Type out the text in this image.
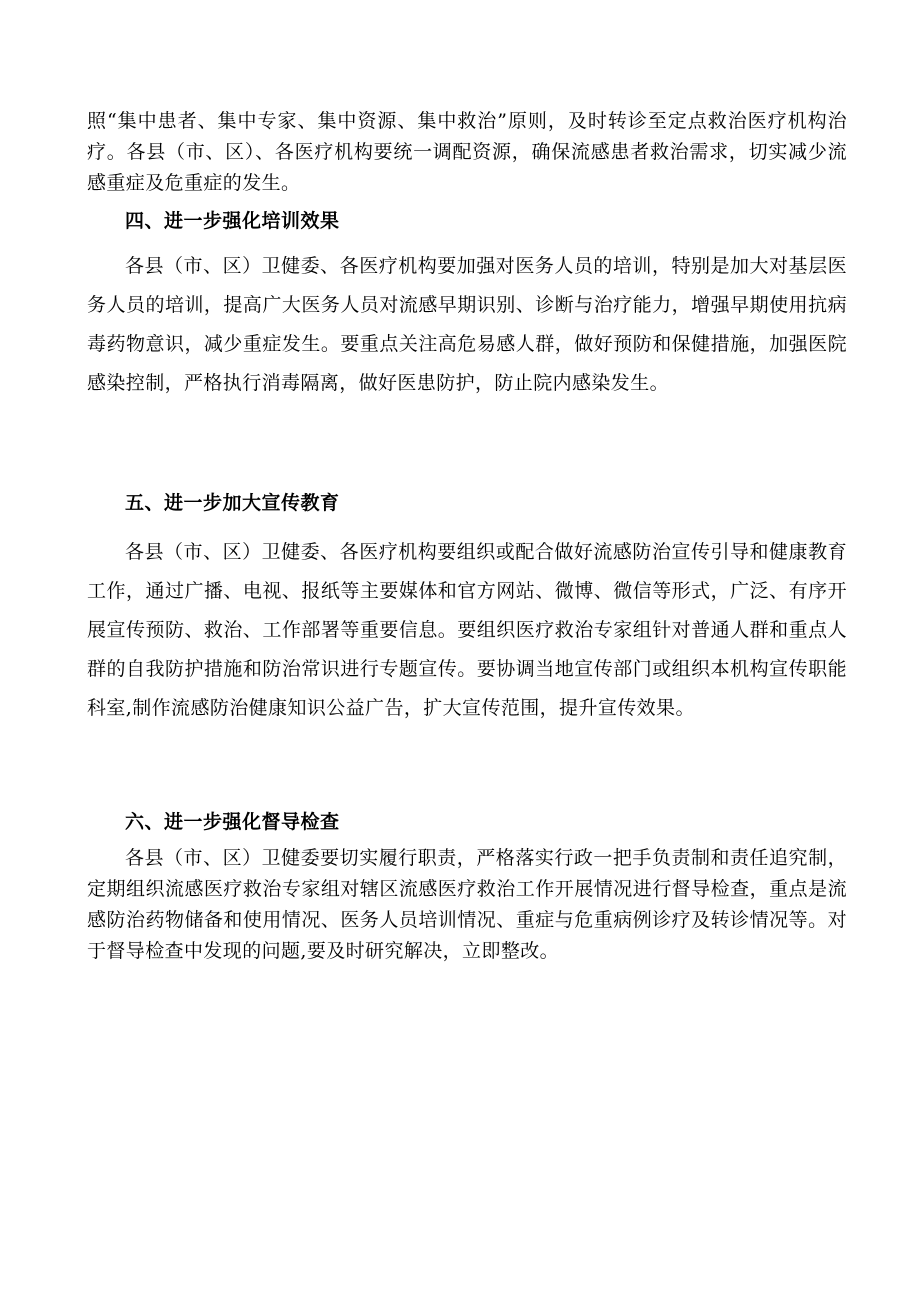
照“集中患者、集中专家、集中资源、集中救治”原则，及时转诊至定点救治医疗机构治疗。各县（市、区）、各医疗机构要统一调配资源，确保流感患者救治需求，切实减少流感重症及危重症的发生。

四、进一步强化培训效果

各县（市、区）卫健委、各医疗机构要加强对医务人员的培训，特别是加大对基层医务人员的培训，提高广大医务人员对流感早期识别、诊断与治疗能力，增强早期使用抗病毒药物意识，减少重症发生。要重点关注高危易感人群，做好预防和保健措施，加强医院感染控制，严格执行消毒隔离，做好医患防护，防止院内感染发生。

五、进一步加大宣传教育

各县（市、区）卫健委、各医疗机构要组织或配合做好流感防治宣传引导和健康教育工作，通过广播、电视、报纸等主要媒体和官方网站、微博、微信等形式，广泛、有序开展宣传预防、救治、工作部署等重要信息。要组织医疗救治专家组针对普通人群和重点人群的自我防护措施和防治常识进行专题宣传。要协调当地宣传部门或组织本机构宣传职能科室,制作流感防治健康知识公益广告，扩大宣传范围，提升宣传效果。

六、进一步强化督导检查

各县（市、区）卫健委要切实履行职责，严格落实行政一把手负责制和责任追究制，定期组织流感医疗救治专家组对辖区流感医疗救治工作开展情况进行督导检查，重点是流感防治药物储备和使用情况、医务人员培训情况、重症与危重病例诊疗及转诊情况等。对于督导检查中发现的问题,要及时研究解决，立即整改。
